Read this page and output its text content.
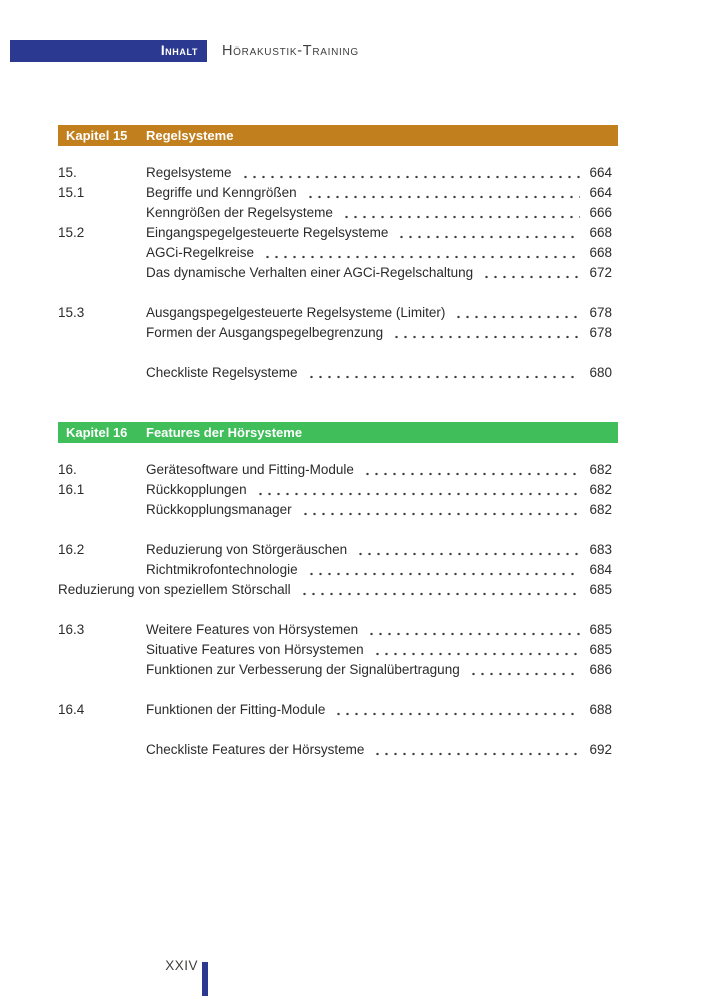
Inhalt	Hörakustik-Training
Kapitel 15	Regelsysteme
15.	Regelsysteme	664
15.1	Begriffe und Kenngrößen	664
Kenngrößen der Regelsysteme	666
15.2	Eingangspegelgesteuerte Regelsysteme	668
AGCi-Regelkreise	668
Das dynamische Verhalten einer AGCi-Regelschaltung	672
15.3	Ausgangspegelgesteuerte Regelsysteme (Limiter)	678
Formen der Ausgangspegelbegrenzung	678
Checkliste Regelsysteme	680
Kapitel 16	Features der Hörsysteme
16.	Gerätesoftware und Fitting-Module	682
16.1	Rückkopplungen	682
Rückkopplungsmanager	682
16.2	Reduzierung von Störgeräuschen	683
Richtmikrofontechnologie	684
Reduzierung von speziellem Störschall	685
16.3	Weitere Features von Hörsystemen	685
Situative Features von Hörsystemen	685
Funktionen zur Verbesserung der Signalübertragung	686
16.4	Funktionen der Fitting-Module	688
Checkliste Features der Hörsysteme	692
XXIV
